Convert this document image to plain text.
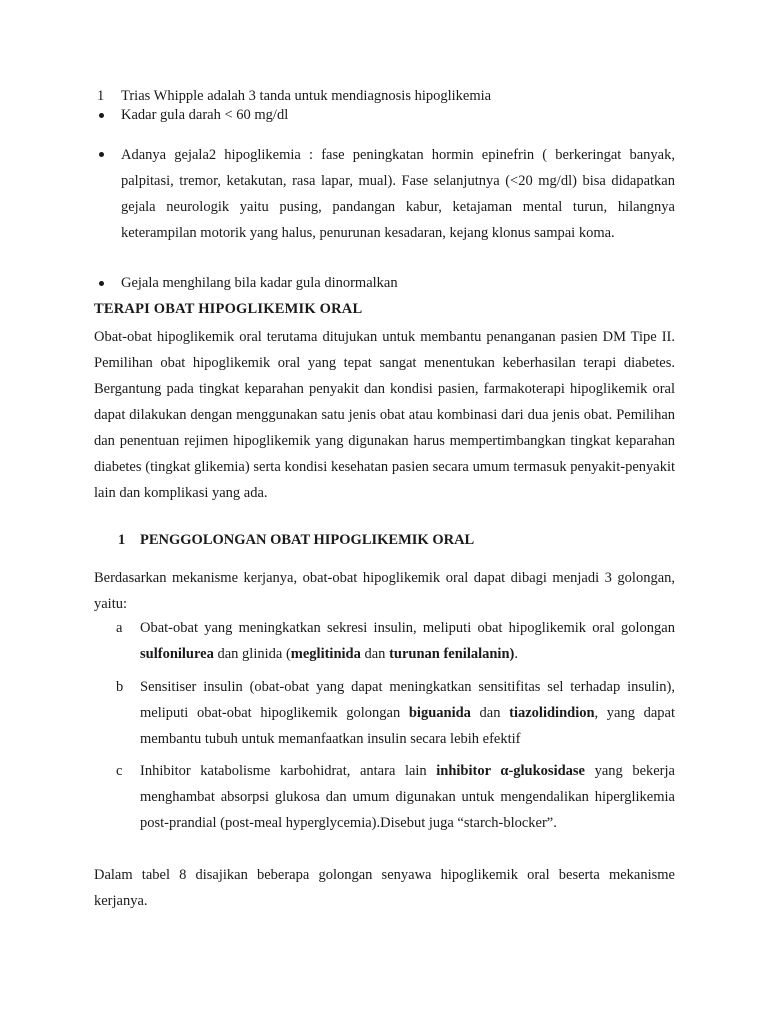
1 Trias Whipple adalah 3 tanda untuk mendiagnosis hipoglikemia
Kadar gula darah < 60 mg/dl
Adanya gejala2 hipoglikemia : fase peningkatan hormin epinefrin ( berkeringat banyak, palpitasi, tremor, ketakutan, rasa lapar, mual). Fase selanjutnya (<20 mg/dl) bisa didapatkan gejala neurologik yaitu pusing, pandangan kabur, ketajaman mental turun, hilangnya keterampilan motorik yang halus, penurunan kesadaran, kejang klonus sampai koma.
Gejala menghilang bila kadar gula dinormalkan
TERAPI OBAT HIPOGLIKEMIK ORAL
Obat-obat hipoglikemik oral terutama ditujukan untuk membantu penanganan pasien DM Tipe II. Pemilihan obat hipoglikemik oral yang tepat sangat menentukan keberhasilan terapi diabetes. Bergantung pada tingkat keparahan penyakit dan kondisi pasien, farmakoterapi hipoglikemik oral dapat dilakukan dengan menggunakan satu jenis obat atau kombinasi dari dua jenis obat. Pemilihan dan penentuan rejimen hipoglikemik yang digunakan harus mempertimbangkan tingkat keparahan diabetes (tingkat glikemia) serta kondisi kesehatan pasien secara umum termasuk penyakit-penyakit lain dan komplikasi yang ada.
1 PENGGOLONGAN OBAT HIPOGLIKEMIK ORAL
Berdasarkan mekanisme kerjanya, obat-obat hipoglikemik oral dapat dibagi menjadi 3 golongan, yaitu:
a Obat-obat yang meningkatkan sekresi insulin, meliputi obat hipoglikemik oral golongan sulfonilurea dan glinida (meglitinida dan turunan fenilalanin).
b Sensitiser insulin (obat-obat yang dapat meningkatkan sensitifitas sel terhadap insulin), meliputi obat-obat hipoglikemik golongan biguanida dan tiazolidindion, yang dapat membantu tubuh untuk memanfaatkan insulin secara lebih efektif
c Inhibitor katabolisme karbohidrat, antara lain inhibitor α-glukosidase yang bekerja menghambat absorpsi glukosa dan umum digunakan untuk mengendalikan hiperglikemia post-prandial (post-meal hyperglycemia).Disebut juga “starch-blocker”.
Dalam tabel 8 disajikan beberapa golongan senyawa hipoglikemik oral beserta mekanisme kerjanya.
